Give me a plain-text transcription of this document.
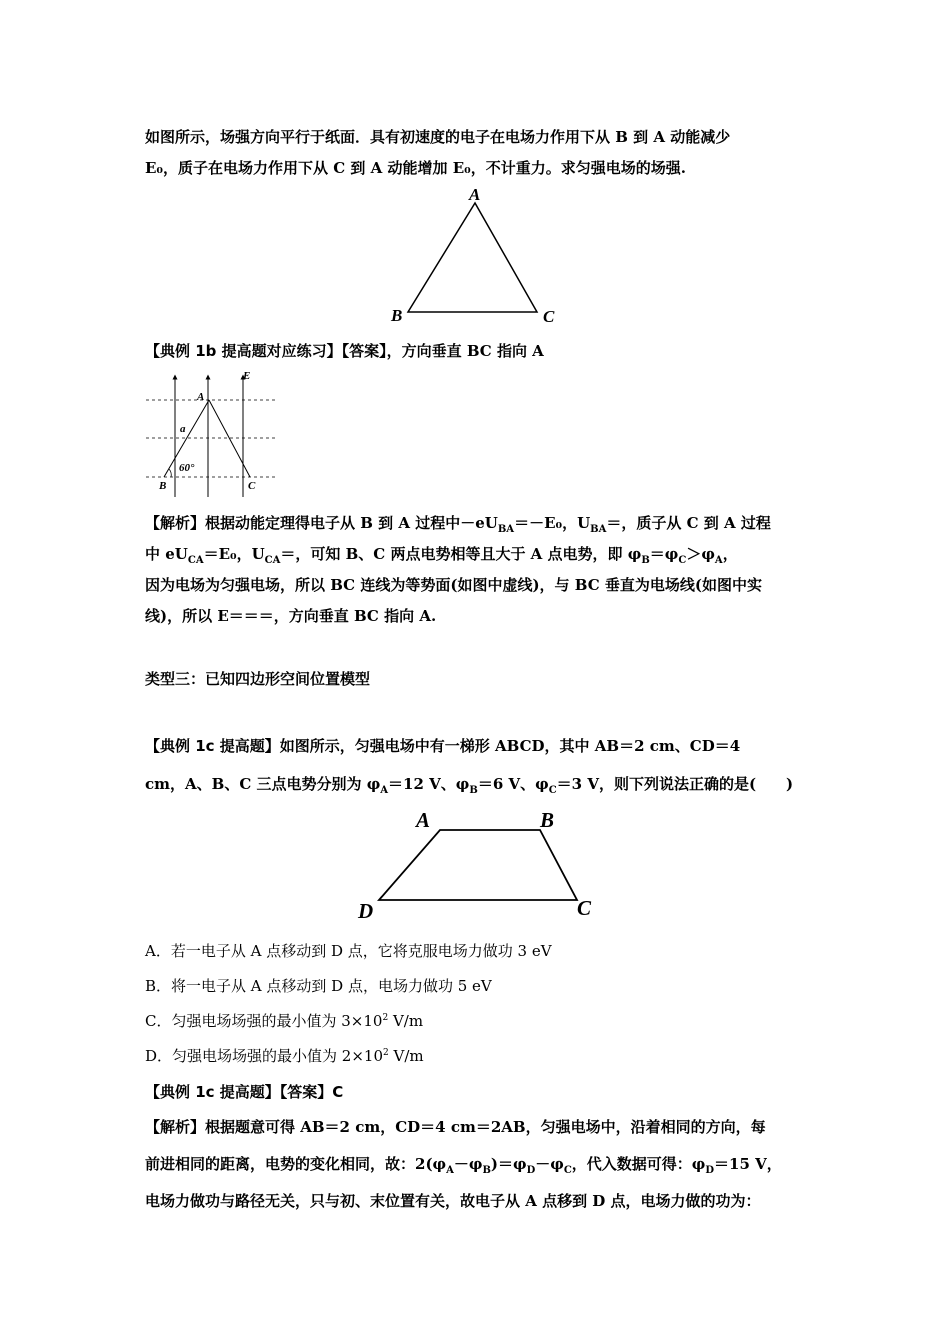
如图所示，场强方向平行于纸面．具有初速度的电子在电场力作用下从 B 到 A 动能减少
E₀，质子在电场力作用下从 C 到 A 动能增加 E₀，不计重力。求匀强电场的场强.
A
B	C
【典例 1b 提高题对应练习】【答案】，方向垂直 BC 指向 A
E
A
a
60°
B	C
【解析】根据动能定理得电子从 B 到 A 过程中$-eU_{BA}=-E_0$，$U_{BA}=$，质子从 C 到 A 过程
中 $eU_{CA}=E_0$，$U_{CA}=$，可知 B、C 两点电势相等且大于 A 点电势，即 $\varphi_B=\varphi_C>\varphi_A$，
因为电场为匀强电场，所以 BC 连线为等势面(如图中虚线)，与 BC 垂直为电场线(如图中实
线)，所以 E＝＝＝，方向垂直 BC 指向 A.
类型三：已知四边形空间位置模型
【典例 1c 提高题】如图所示，匀强电场中有一梯形 ABCD，其中 AB＝2 cm、CD＝4
cm，A、B、C 三点电势分别为 $\varphi_A=12$ V、$\varphi_B=6$ V、$\varphi_C=3$ V，则下列说法正确的是(　　)
A	B
C
D
A．若一电子从 A 点移动到 D 点，它将克服电场力做功 3 eV
B．将一电子从 A 点移动到 D 点，电场力做功 5 eV
C．匀强电场场强的最小值为 $3\times 10^2$ V/m
D．匀强电场场强的最小值为 $2\times 10^2$ V/m
【典例 1c 提高题】【答案】C
【解析】根据题意可得 AB＝2 cm，CD＝4 cm＝2AB，匀强电场中，沿着相同的方向，每
前进相同的距离，电势的变化相同，故：$2(\varphi_A-\varphi_B)=\varphi_D-\varphi_C$，代入数据可得：$\varphi_D=15$ V，
电场力做功与路径无关，只与初、末位置有关，故电子从 A 点移到 D 点，电场力做的功为：
